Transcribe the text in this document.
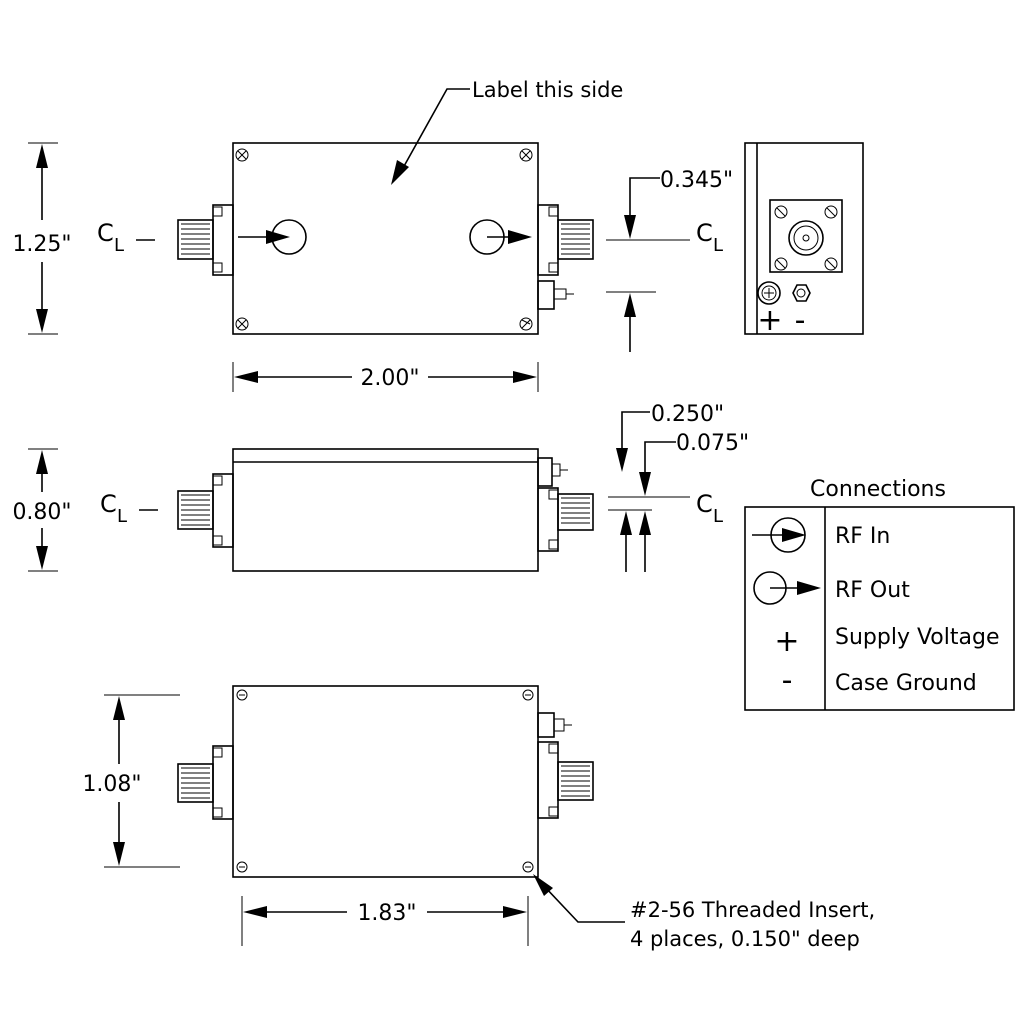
Label this side
C L
1.25"
2.00"
0.345"
C L
+ -
C L
0.80"
0.250"
0.075"
C L
Connections
RF In
RF Out
+ Supply Voltage
- Case Ground
1.08"
1.83"	#2-56 Threaded Insert,
4 places, 0.150" deep
